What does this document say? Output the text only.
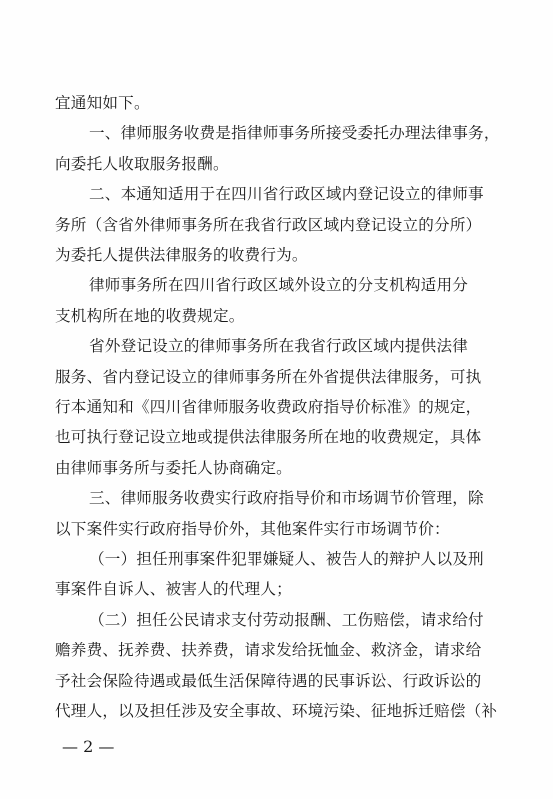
宜通知如下。
一、律师服务收费是指律师事务所接受委托办理法律事务，
向委托人收取服务报酬。
二、本通知适用于在四川省行政区域内登记设立的律师事
务所（含省外律师事务所在我省行政区域内登记设立的分所）
为委托人提供法律服务的收费行为。
律师事务所在四川省行政区域外设立的分支机构适用分
支机构所在地的收费规定。
省外登记设立的律师事务所在我省行政区域内提供法律
服务、省内登记设立的律师事务所在外省提供法律服务，可执
行本通知和《四川省律师服务收费政府指导价标准》的规定，
也可执行登记设立地或提供法律服务所在地的收费规定，具体
由律师事务所与委托人协商确定。
三、律师服务收费实行政府指导价和市场调节价管理，除
以下案件实行政府指导价外，其他案件实行市场调节价：
（一）担任刑事案件犯罪嫌疑人、被告人的辩护人以及刑
事案件自诉人、被害人的代理人；
（二）担任公民请求支付劳动报酬、工伤赔偿，请求给付
赡养费、抚养费、扶养费，请求发给抚恤金、救济金，请求给
予社会保险待遇或最低生活保障待遇的民事诉讼、行政诉讼的
代理人，以及担任涉及安全事故、环境污染、征地拆迁赔偿（补
— 2 —
